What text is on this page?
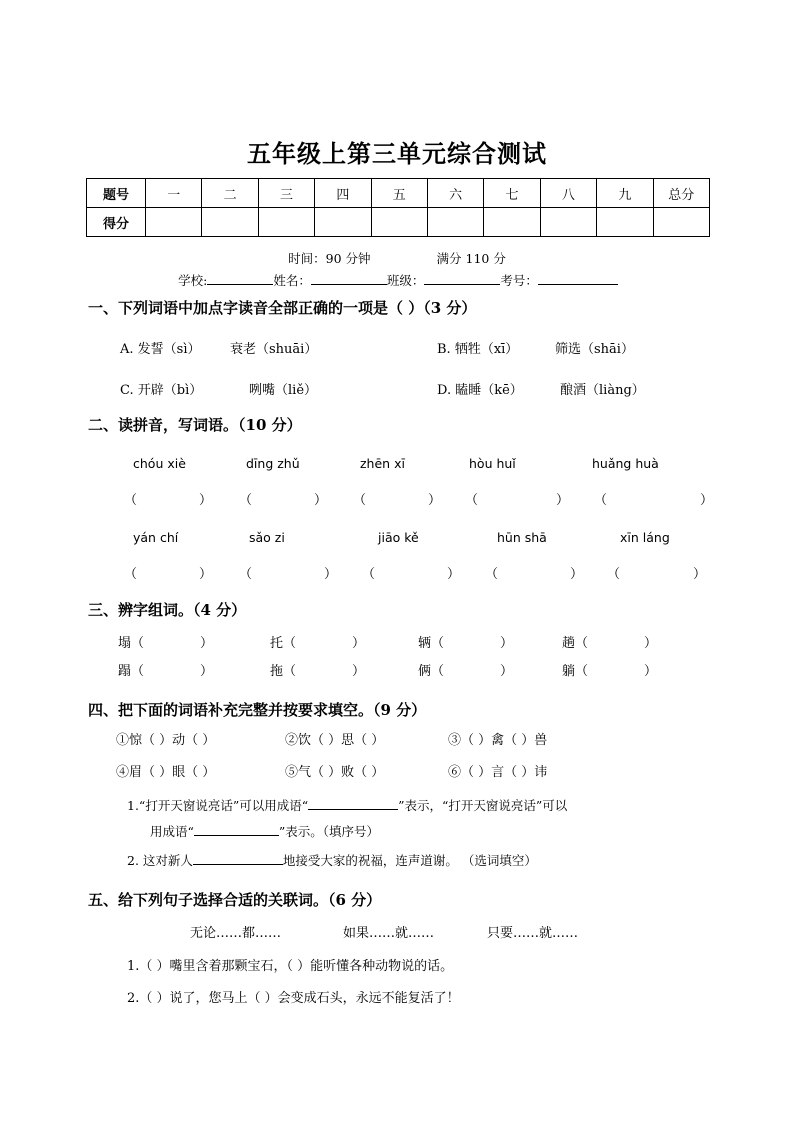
五年级上第三单元综合测试
题号	一	二	三	四	五	六	七	八	九	总分
得分										
时间：90 分钟	满分 110 分
学校:	姓名：	班级：	考号：
一、下列词语中加点字读音全部正确的一项是（ ）（3 分）
A. 发誓（sì） 衰老（shuāi）	B. 牺牲（xī）	筛选（shāi）
C. 开辟（bì）	咧嘴（liě）	D. 瞌睡（kē）	酿酒（liàng）
二、读拼音，写词语。（10 分）
chóu xiè	dīng zhǔ	zhēn xī	hòu huǐ	huǎng huà
（	） （	） （	） （	） （	）
yán chí	sǎo zi	jiāo kě	hūn shā	xīn láng
（	） （	） （	） （	） （	）
三、辨字组词。（4 分）
塌（	）	托（	）	辆（	）	趟（	）
蹋（	）	拖（	）	俩（	）	躺（	）
四、把下面的词语补充完整并按要求填空。（9 分）
①惊（ ）动（ ）	②饮（ ）思（ ）	③（ ）禽（ ）兽
④眉（ ）眼（ ）	⑤气（ ）败（ ）	⑥（ ）言（ ）讳
1.“打开天窗说亮话”可以用成语“	”表示，“打开天窗说亮话”可以
用成语“	”表示。（填序号）
2. 这对新人	地接受大家的祝福，连声道谢。 （选词填空）
五、给下列句子选择合适的关联词。（6 分）
无论……都……	如果……就……	只要……就……
1.（ ）嘴里含着那颗宝石，（ ）能听懂各种动物说的话。
2.（ ）说了，您马上（ ）会变成石头，永远不能复活了！
